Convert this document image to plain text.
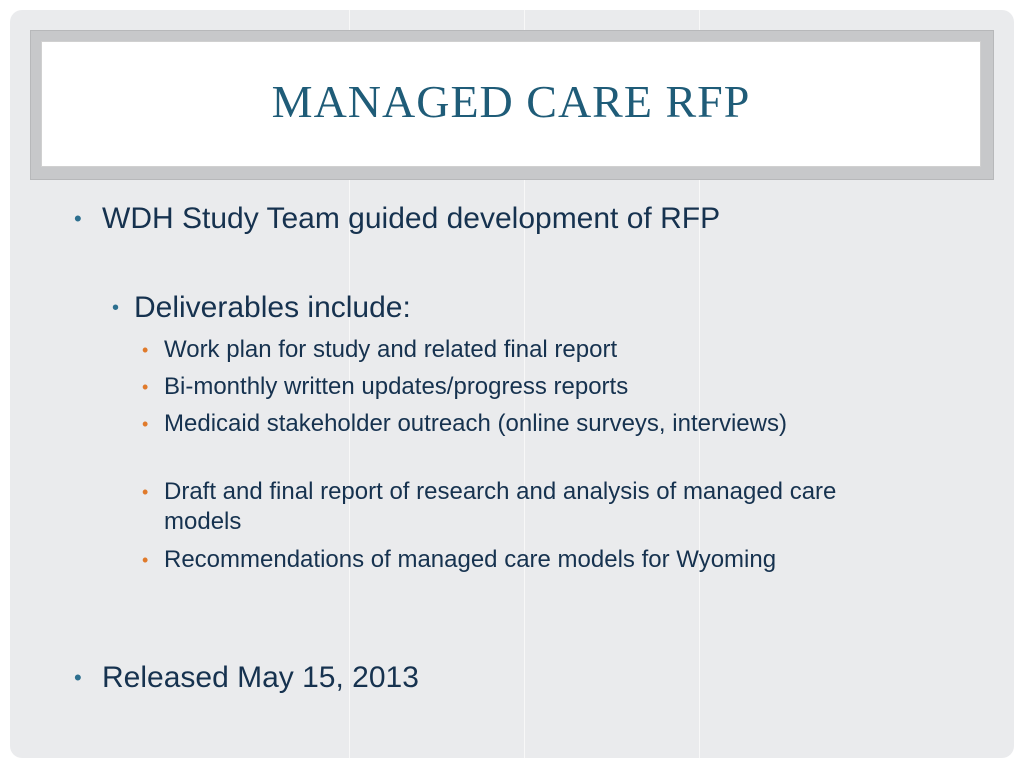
MANAGED CARE RFP
• WDH Study Team guided development of RFP
• Deliverables include:
• Work plan for study and related final report
• Bi-monthly written updates/progress reports
• Medicaid stakeholder outreach (online surveys, interviews)
• Draft and final report of research and analysis of managed care models
• Recommendations of managed care models for Wyoming
• Released May 15, 2013
